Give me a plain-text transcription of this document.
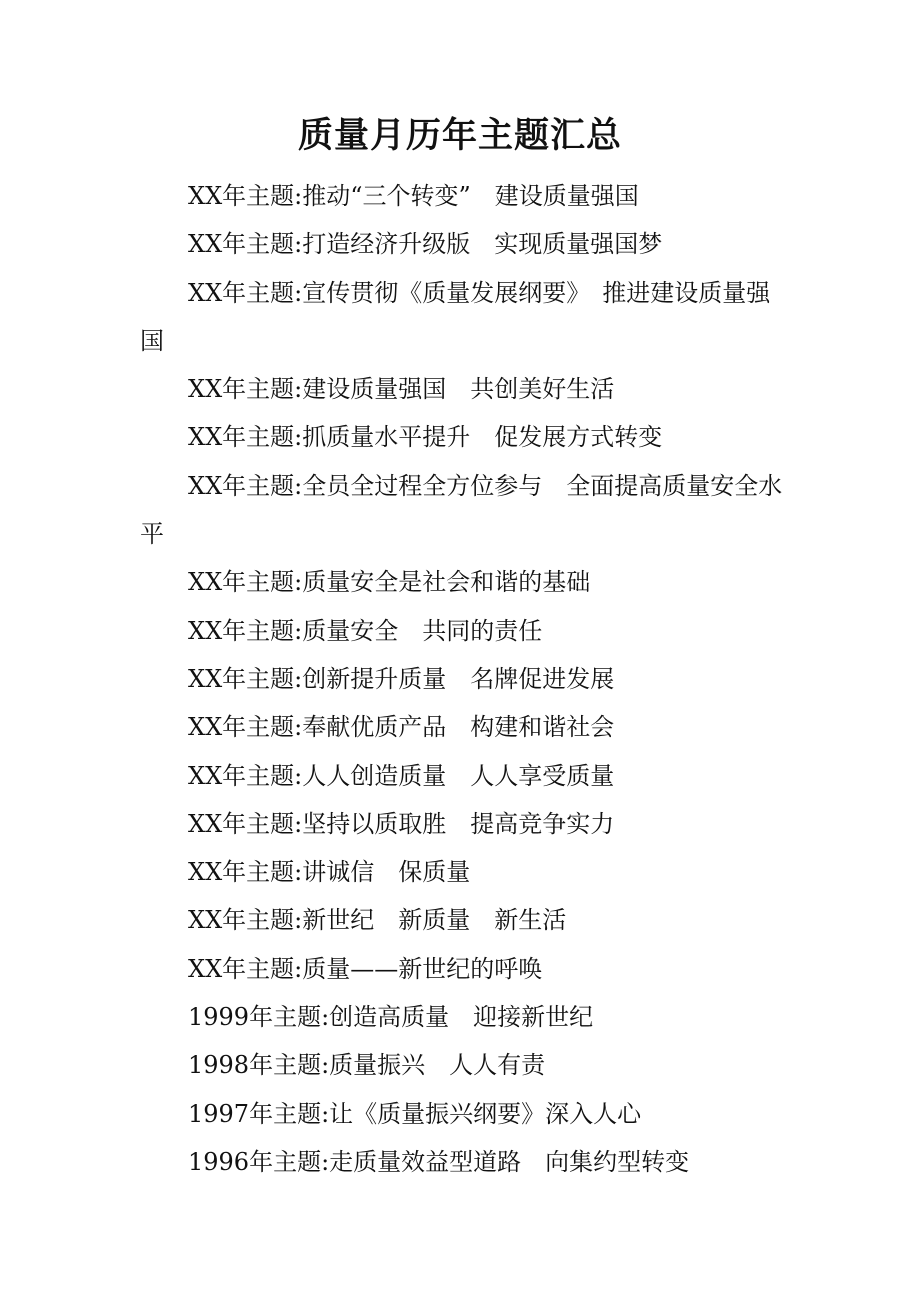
质量月历年主题汇总

XX年主题:推动“三个转变”　建设质量强国

XX年主题:打造经济升级版　实现质量强国梦

XX年主题:宣传贯彻《质量发展纲要》　推进建设质量强国

XX年主题:建设质量强国　共创美好生活

XX年主题:抓质量水平提升　促发展方式转变

XX年主题:全员全过程全方位参与　全面提高质量安全水平

XX年主题:质量安全是社会和谐的基础

XX年主题:质量安全　共同的责任

XX年主题:创新提升质量　名牌促进发展

XX年主题:奉献优质产品　构建和谐社会

XX年主题:人人创造质量　人人享受质量

XX年主题:坚持以质取胜　提高竞争实力

XX年主题:讲诚信　保质量

XX年主题:新世纪　新质量　新生活

XX年主题:质量——新世纪的呼唤

1999年主题:创造高质量　迎接新世纪

1998年主题:质量振兴　人人有责

1997年主题:让《质量振兴纲要》深入人心

1996年主题:走质量效益型道路　向集约型转变
